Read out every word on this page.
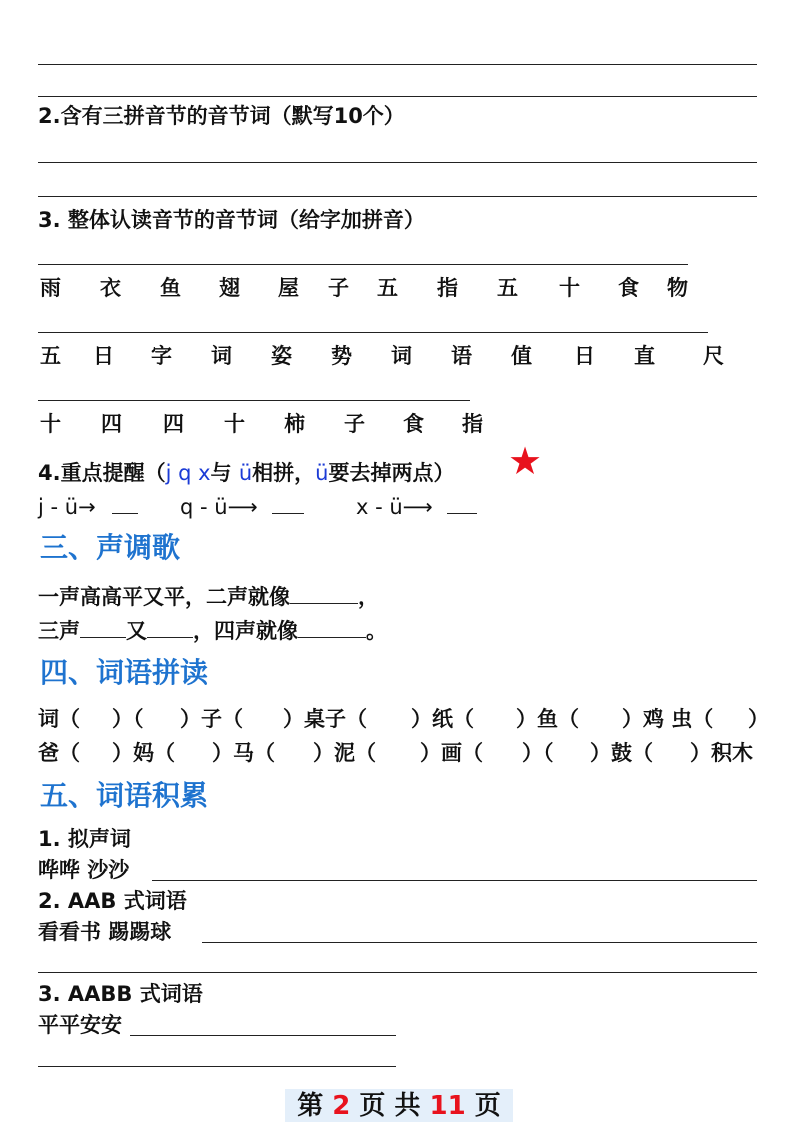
2.含有三拼音节的音节词（默写10个）
3. 整体认读音节的音节词（给字加拼音）
雨 衣 鱼 翅 屋 子 五 指 五 十 食 物
五 日 字 词 姿 势 词 语 值 日 直 尺
十 四 四 十 柿 子 食 指
4.重点提醒（j q x与 ü相拼，ü要去掉两点） ★
j - ü→	q - ü⟶	x - ü⟶
三、声调歌
一声高高平又平，二声就像	，
三声 又 ，四声就像	。
四、词语拼读
词（ ）（ ）子（ ）桌子（ ）纸（ ）鱼（ ）鸡 虫（ ）
爸（ ）妈（ ）马（ ）泥（ ）画（ ）（ ）鼓（ ）积木
五、词语积累
1. 拟声词
哗哗 沙沙
2. AAB 式词语
看看书 踢踢球
3. AABB 式词语
平平安安
第 2 页 共 11 页
